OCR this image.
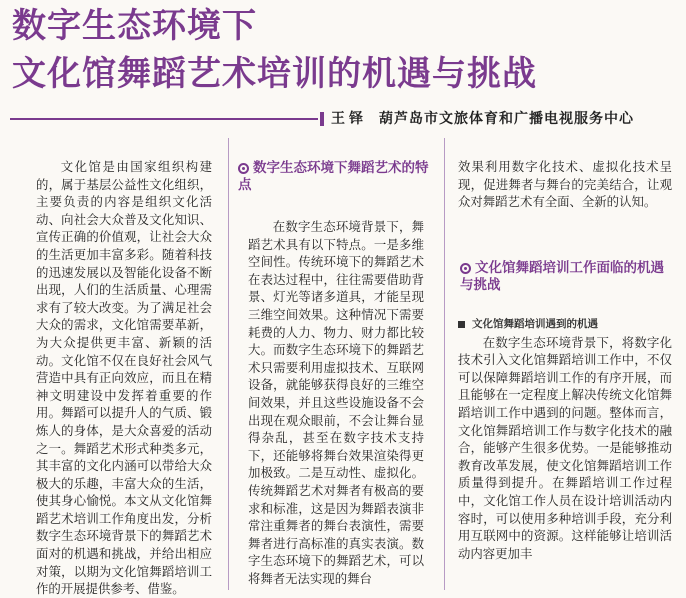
数字生态环境下
文化馆舞蹈艺术培训的机遇与挑战
王铎 葫芦岛市文旅体育和广播电视服务中心

文化馆是由国家组织构建的，属于基层公益性文化组织，主要负责的内容是组织文化活动、向社会大众普及文化知识、宣传正确的价值观，让社会大众的生活更加丰富多彩。随着科技的迅速发展以及智能化设备不断出现，人们的生活质量、心理需求有了较大改变。为了满足社会大众的需求，文化馆需要革新，为大众提供更丰富、新颖的活动。文化馆不仅在良好社会风气营造中具有正向效应，而且在精神文明建设中发挥着重要的作用。舞蹈可以提升人的气质、锻炼人的身体，是大众喜爱的活动之一。舞蹈艺术形式种类多元，其丰富的文化内涵可以带给大众极大的乐趣，丰富大众的生活，使其身心愉悦。本文从文化馆舞蹈艺术培训工作角度出发，分析数字生态环境背景下的舞蹈艺术面对的机遇和挑战，并给出相应对策，以期为文化馆舞蹈培训工作的开展提供参考、借鉴。

数字生态环境下舞蹈艺术的特点

在数字生态环境背景下，舞蹈艺术具有以下特点。一是多维空间性。传统环境下的舞蹈艺术在表达过程中，往往需要借助背景、灯光等诸多道具，才能呈现三维空间效果。这种情况下需要耗费的人力、物力、财力都比较大。而数字生态环境下的舞蹈艺术只需要利用虚拟技术、互联网设备，就能够获得良好的三维空间效果，并且这些设施设备不会出现在观众眼前，不会让舞台显得杂乱，甚至在数字技术支持下，还能够将舞台效果渲染得更加极致。二是互动性、虚拟化。传统舞蹈艺术对舞者有极高的要求和标准，这是因为舞蹈表演非常注重舞者的舞台表演性，需要舞者进行高标准的真实表演。数字生态环境下的舞蹈艺术，可以将舞者无法实现的舞台

效果利用数字化技术、虚拟化技术呈现，促进舞者与舞台的完美结合，让观众对舞蹈艺术有全面、全新的认知。

文化馆舞蹈培训工作面临的机遇与挑战

文化馆舞蹈培训遇到的机遇

在数字生态环境背景下，将数字化技术引入文化馆舞蹈培训工作中，不仅可以保障舞蹈培训工作的有序开展，而且能够在一定程度上解决传统文化馆舞蹈培训工作中遇到的问题。整体而言，文化馆舞蹈培训工作与数字化技术的融合，能够产生很多优势。一是能够推动教育改革发展，使文化馆舞蹈培训工作质量得到提升。在舞蹈培训工作过程中，文化馆工作人员在设计培训活动内容时，可以使用多种培训手段，充分利用互联网中的资源。这样能够让培训活动内容更加丰
